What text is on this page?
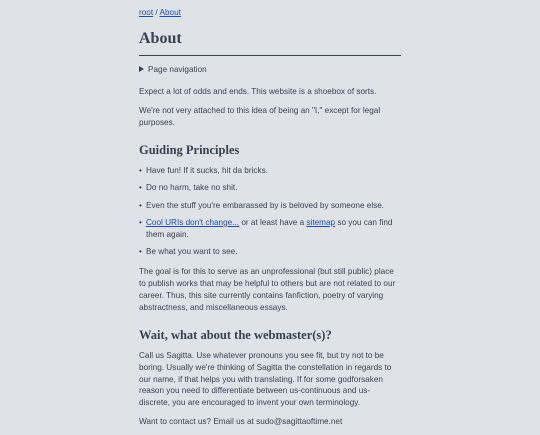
root / About
About
Page navigation

Expect a lot of odds and ends. This website is a shoebox of sorts.

We're not very attached to this idea of being an "I," except for legal purposes.

Guiding Principles
• Have fun! If it sucks, hit da bricks.
• Do no harm, take no shit.
• Even the stuff you're embarassed by is beloved by someone else.
• Cool URIs don't change... or at least have a sitemap so you can find them again.
• Be what you want to see.

The goal is for this to serve as an unprofessional (but still public) place to publish works that may be helpful to others but are not related to our career. Thus, this site currently contains fanfiction, poetry of varying abstractness, and miscellaneous essays.

Wait, what about the webmaster(s)?

Call us Sagitta. Use whatever pronouns you see fit, but try not to be boring. Usually we're thinking of Sagitta the constellation in regards to our name, if that helps you with translating. If for some godforsaken reason you need to differentiate between us-continuous and us-discrete, you are encouraged to invent your own terminology.

Want to contact us? Email us at sudo@sagittaoftime.net
